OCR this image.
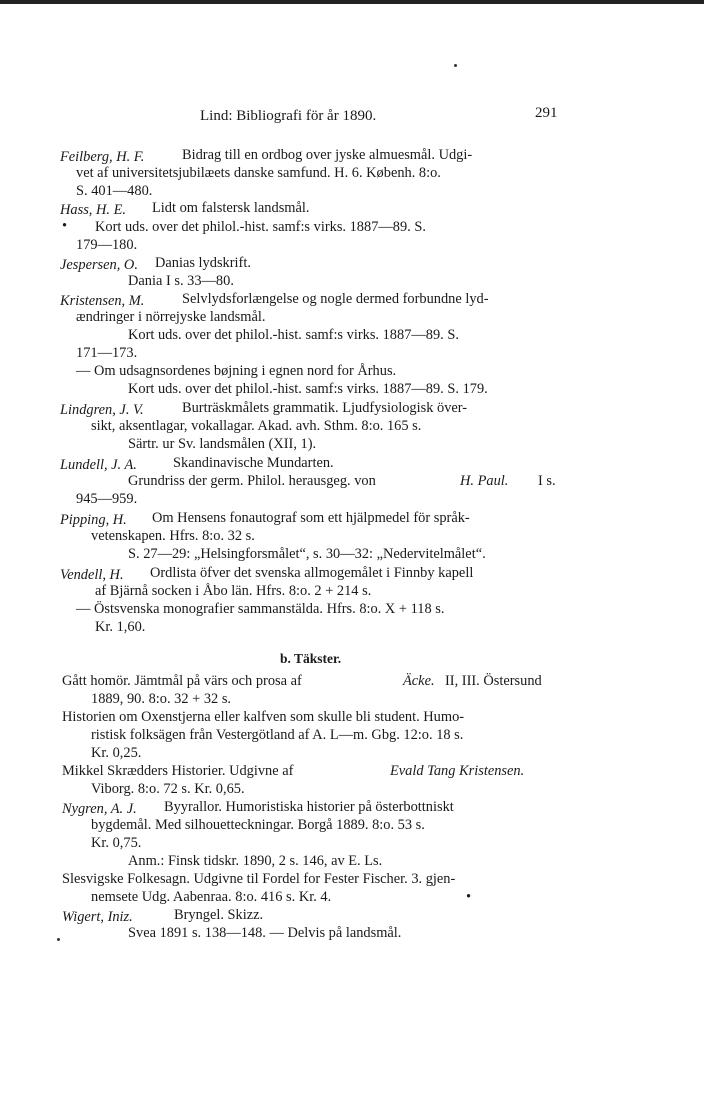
Lind: Bibliografi för år 1890.	291
Feilberg, H. F.	Bidrag till en ordbog over jyske almuesmål. Udgi-
vet af universitetsjubilæets danske samfund. H. 6. Københ. 8:o.
S. 401—480.
Hass, H. E. Lidt om falstersk landsmål.
• Kort uds. over det philol.-hist. samf:s virks. 1887—89. S.
179—180.
Jespersen, O. Danias lydskrift.
Dania I s. 33—80.
Kristensen, M.	Selvlydsforlængelse og nogle dermed forbundne lyd-
ændringer i nörrejyske landsmål.
Kort uds. over det philol.-hist. samf:s virks. 1887—89. S.
171—173.
— Om udsagnsordenes bøjning i egnen nord for Århus.
Kort uds. over det philol.-hist. samf:s virks. 1887—89. S. 179.
Lindgren, J. V.	Burträskmålets grammatik. Ljudfysiologisk över-
sikt, aksentlagar, vokallagar. Akad. avh. Sthm. 8:o. 165 s.
Särtr. ur Sv. landsmålen (XII, 1).
Lundell, J. A.	Skandinavische Mundarten.
Grundriss der germ. Philol. herausgeg. von	H. Paul. I s.
945—959.
Pipping, H. Om Hensens fonautograf som ett hjälpmedel för språk-
vetenskapen. Hfrs. 8:o. 32 s.
S. 27—29: „Helsingforsmålet“, s. 30—32: „Nedervitelmålet“.
Vendell, H. Ordlista öfver det svenska allmogemålet i Finnby kapell
af Bjärnå socken i Åbo län. Hfrs. 8:o. 2 + 214 s.
— Östsvenska monografier sammanstälda. Hfrs. 8:o. X + 118 s.
Kr. 1,60.
b. Täkster.
Gått homör. Jämtmål på värs och prosa af	Äcke. II, III. Östersund
1889, 90. 8:o. 32 + 32 s.
Historien om Oxenstjerna eller kalfven som skulle bli student. Humo-
ristisk folksägen från Vestergötland af A. L—m. Gbg. 12:o. 18 s.
Kr. 0,25.
Mikkel Skrædders Historier. Udgivne af	Evald Tang Kristensen.
Viborg. 8:o. 72 s. Kr. 0,65.
Nygren, A. J. Byyrallor. Humoristiska historier på österbottniskt
bygdemål. Med silhouetteckningar. Borgå 1889. 8:o. 53 s.
Kr. 0,75.
Anm.: Finsk tidskr. 1890, 2 s. 146, av E. Ls.
Slesvigske Folkesagn. Udgivne til Fordel for Fester Fischer. 3. gjen-
nemsete Udg. Aabenraa. 8:o. 416 s. Kr. 4.	•
Wigert, Iniz.	Bryngel. Skizz.
Svea 1891 s. 138—148. — Delvis på landsmål.
